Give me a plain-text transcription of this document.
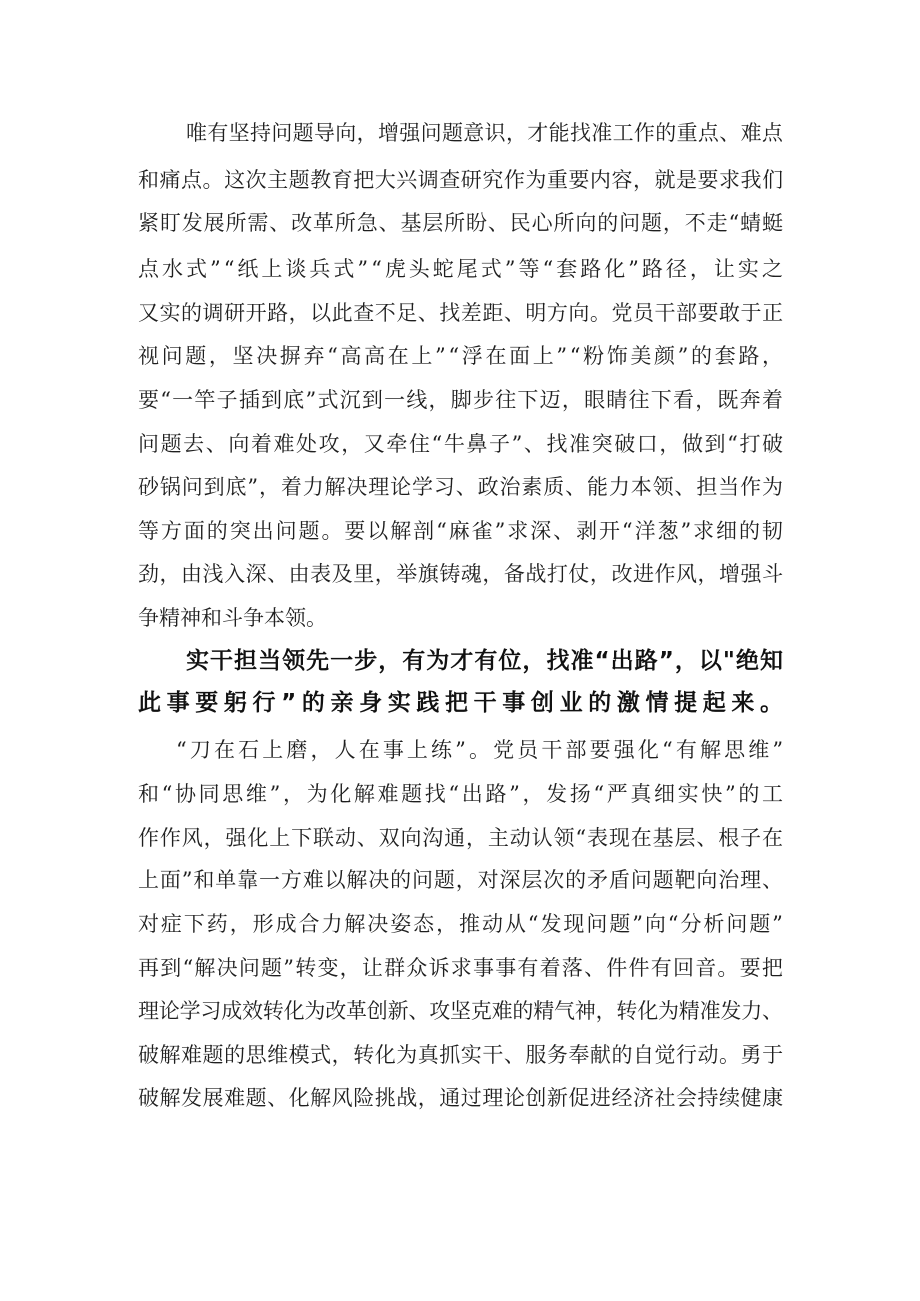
唯有坚持问题导向，增强问题意识，才能找准工作的重点、难点
和痛点。这次主题教育把大兴调查研究作为重要内容，就是要求我们
紧盯发展所需、改革所急、基层所盼、民心所向的问题，不走“蜻蜓
点水式”“纸上谈兵式”“虎头蛇尾式”等“套路化”路径，让实之
又实的调研开路，以此查不足、找差距、明方向。党员干部要敢于正
视问题，坚决摒弃“高高在上”“浮在面上”“粉饰美颜”的套路，
要“一竿子插到底”式沉到一线，脚步往下迈，眼睛往下看，既奔着
问题去、向着难处攻，又牵住“牛鼻子”、找准突破口，做到“打破
砂锅问到底”，着力解决理论学习、政治素质、能力本领、担当作为
等方面的突出问题。要以解剖“麻雀”求深、剥开“洋葱”求细的韧
劲，由浅入深、由表及里，举旗铸魂，备战打仗，改进作风，增强斗
争精神和斗争本领。
实干担当领先一步，有为才有位，找准“出路”，以"绝知
此事要躬行”的亲身实践把干事创业的激情提起来。
“刀在石上磨，人在事上练”。党员干部要强化“有解思维”
和“协同思维”，为化解难题找“出路”，发扬“严真细实快”的工
作作风，强化上下联动、双向沟通，主动认领“表现在基层、根子在
上面”和单靠一方难以解决的问题，对深层次的矛盾问题靶向治理、
对症下药，形成合力解决姿态，推动从“发现问题”向“分析问题”
再到“解决问题”转变，让群众诉求事事有着落、件件有回音。要把
理论学习成效转化为改革创新、攻坚克难的精气神，转化为精准发力、
破解难题的思维模式，转化为真抓实干、服务奉献的自觉行动。勇于
破解发展难题、化解风险挑战，通过理论创新促进经济社会持续健康
